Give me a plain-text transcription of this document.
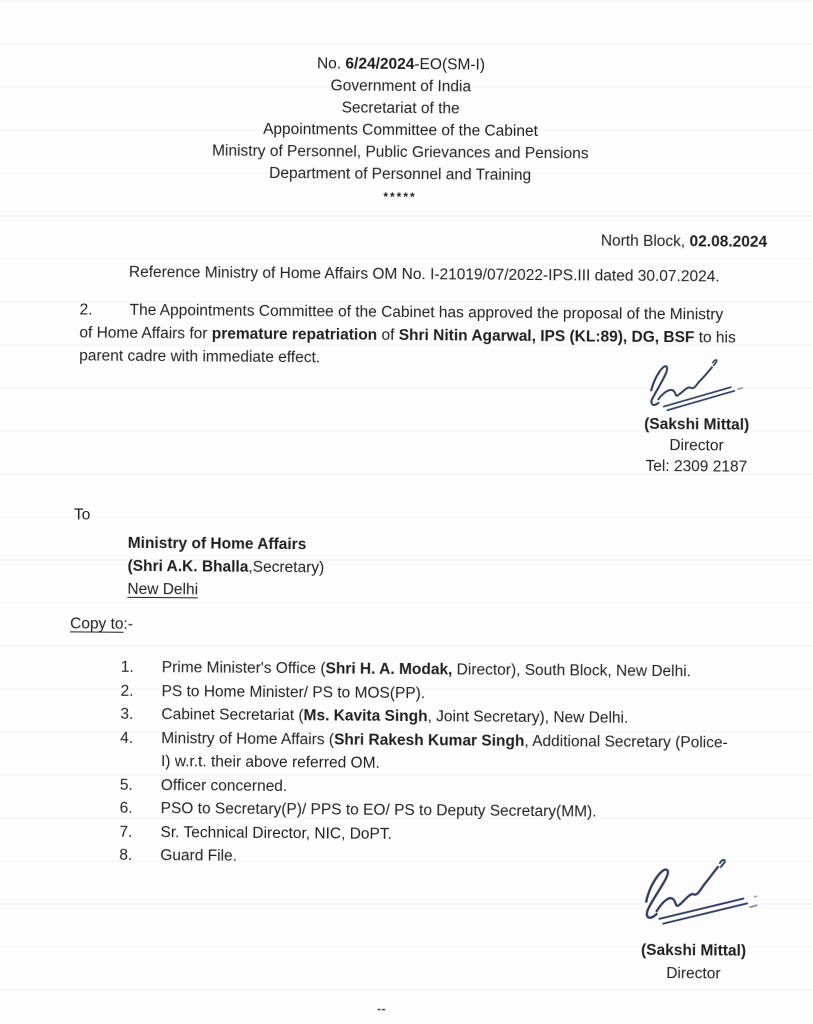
No. 6/24/2024-EO(SM-I)
Government of India
Secretariat of the
Appointments Committee of the Cabinet
Ministry of Personnel, Public Grievances and Pensions
Department of Personnel and Training
*****
North Block, 02.08.2024
Reference Ministry of Home Affairs OM No. I-21019/07/2022-IPS.III dated 30.07.2024.
2. The Appointments Committee of the Cabinet has approved the proposal of the Ministry
of Home Affairs for premature repatriation of Shri Nitin Agarwal, IPS (KL:89), DG, BSF to his
parent cadre with immediate effect.
(Sakshi Mittal)
Director
Tel: 2309 2187
To
Ministry of Home Affairs
(Shri A.K. Bhalla,Secretary)
New Delhi
Copy to:-
1.	Prime Minister's Office (Shri H. A. Modak, Director), South Block, New Delhi.
2.	PS to Home Minister/ PS to MOS(PP).
3.	Cabinet Secretariat (Ms. Kavita Singh, Joint Secretary), New Delhi.
4.	Ministry of Home Affairs (Shri Rakesh Kumar Singh, Additional Secretary (Police-
I) w.r.t. their above referred OM.
5.	Officer concerned.
6.	PSO to Secretary(P)/ PPS to EO/ PS to Deputy Secretary(MM).
7.	Sr. Technical Director, NIC, DoPT.
8.	Guard File.
(Sakshi Mittal)
Director
--
